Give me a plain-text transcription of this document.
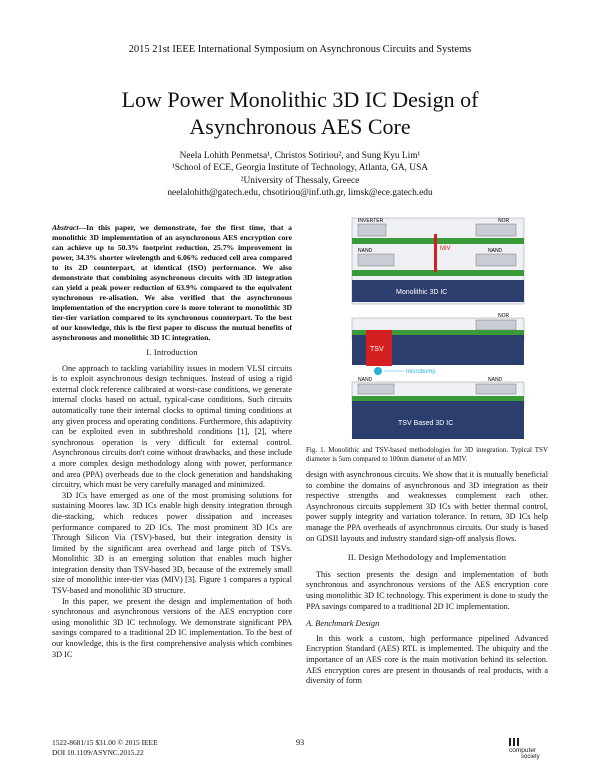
2015 21st IEEE International Symposium on Asynchronous Circuits and Systems
Low Power Monolithic 3D IC Design of
Asynchronous AES Core
Neela Lohith Penmetsa¹, Christos Sotiriou², and Sung Kyu Lim¹
¹School of ECE, Georgia Institute of Technology, Atlanta, GA, USA
²University of Thessaly, Greece
neelalohith@gatech.edu, chsotiriou@inf.uth.gr, limsk@ece.gatech.edu
Abstract—In this paper, we demonstrate, for the first time, that a monolithic 3D implementation of an asynchronous AES encryption core can achieve up to 50.3% footprint reduction, 25.7% improvement in power, 34.3% shorter wirelength and 6.06% reduced cell area compared to its 2D counterpart, at identical (ISO) performance. We also demonstrate that combining asynchronous circuits with 3D integration can yield a peak power reduction of 63.9% compared to the equivalent synchronous re-alisation. We also verified that the asynchronous implementation of the encryption core is more tolerant to monolithic 3D tier-tier variation compared to its synchronous counterpart. To the best of our knowledge, this is the first paper to discuss the mutual benefits of asynchronous and monolithic 3D IC integration.
I. Introduction

One approach to tackling variability issues in modern VLSI circuits is to exploit asynchronous design techniques. Instead of using a rigid external clock reference calibrated at worst-case conditions, we generate internal clocks based on actual, typical-case conditions. Such circuits automatically tune their internal clocks to optimal timing conditions at any given process and operating conditions. Furthermore, this adaptivity can be exploited even in subthreshold conditions [1], [2], where synchronous operation is very difficult for external control. Asynchronous circuits don't come without drawbacks, and these include a more complex design methodology along with power, performance and area (PPA) overheads due to the clock generation and handshaking circuitry, which must be very carefully managed and minimized.

3D ICs have emerged as one of the most promising solutions for sustaining Moores law. 3D ICs enable high density integration through die-stacking, which reduces power dissipation and increases performance compared to 2D ICs. The most prominent 3D ICs are Through Silicon Via (TSV)-based, but their integration density is limited by the significant area overhead and large pitch of TSVs. Monolithic 3D is an emerging solution that enables much higher integration density than TSV-based 3D, because of the extremely small size of monolithic inter-tier vias (MIV) [3]. Figure 1 compares a typical TSV-based and monolithic 3D structure.

In this paper, we present the design and implementation of both synchronous and asynchronous versions of the AES encryption core using monolithic 3D IC technology. We demonstrate significant PPA savings compared to a traditional 2D IC implementation. To the best of our knowledge, this is the first comprehensive analysis which combines 3D IC

INVERTER	NOR
NAND	NAND
MIV
Monolithic 3D IC
NOR
TSV
microbump
NAND	NAND
TSV Based 3D IC
Fig. 1. Monolithic and TSV-based methodologies for 3D integration. Typical TSV diameter is 5um compared to 100nm diameter of an MIV.

design with asynchronous circuits. We show that it is mutually beneficial to combine the domains of asynchronous and 3D integration as their respective strengths and weaknesses complement each other. Asynchronous circuits supplement 3D ICs with better thermal control, power supply integrity and variation tolerance. In return, 3D ICs help manage the PPA overheads of asynchronous circuits. Our study is based on GDSII layouts and industry standard sign-off analysis flows.

II. Design Methodology and Implementation

This section presents the design and implementation of both synchronous and asynchronous versions of the AES encryption core using monolithic 3D IC technology. This experiment is done to study the PPA savings compared to a traditional 2D IC implementation.

A. Benchmark Design

In this work a custom, high performance pipelined Advanced Encryption Standard (AES) RTL is implemented. The ubiquity and the importance of an AES core is the main motivation behind its selection. AES encryption cores are present in thousands of real products, with a diversity of form

1522-8681/15 $31.00 © 2015 IEEE
DOI 10.1109/ASYNC.2015.22
93
computer
society
